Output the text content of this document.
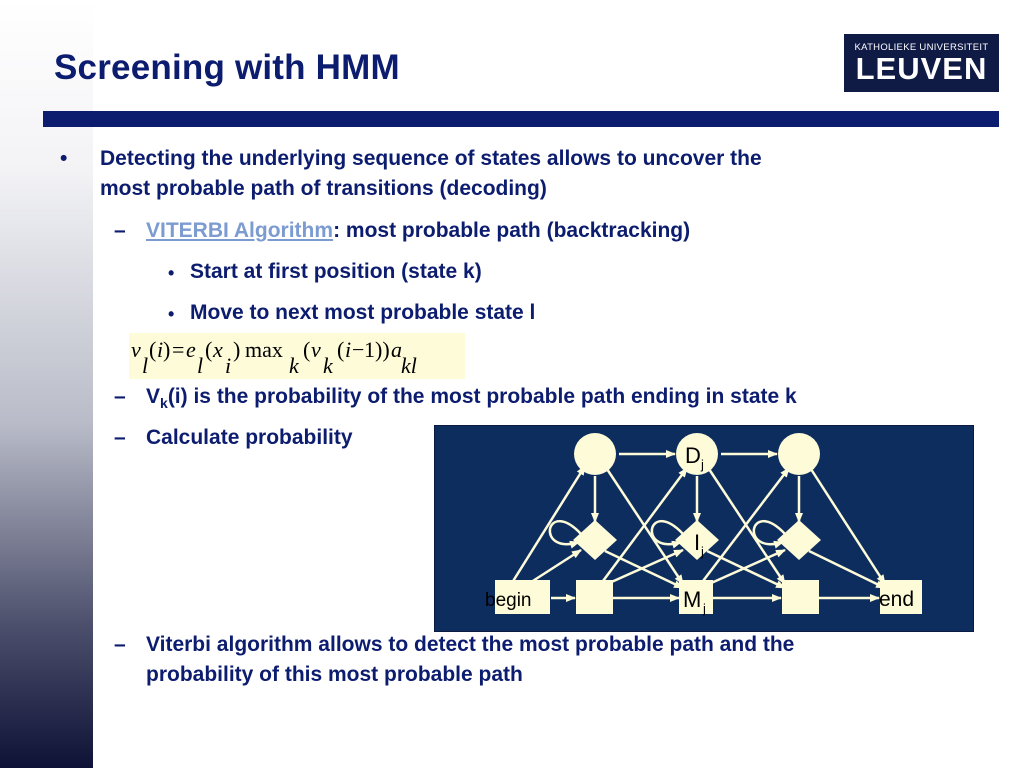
Screening with HMM
KATHOLIEKE UNIVERSITEIT
LEUVEN
• Detecting the underlying sequence of states allows to uncover the
most probable path of transitions (decoding)
– VITERBI Algorithm: most probable path (backtracking)
• Start at first position (state k)
• Move to next most probable state l
v
l
( i ) = e
l
( x
i
) max
k
( v
k
( i − 1 )) a
kl
– $V_k(i)$ is the probability of the most probable path ending in state k
– Calculate probability
D j
I j
M j
begin	end
– Viterbi algorithm allows to detect the most probable path and the
probability of this most probable path
